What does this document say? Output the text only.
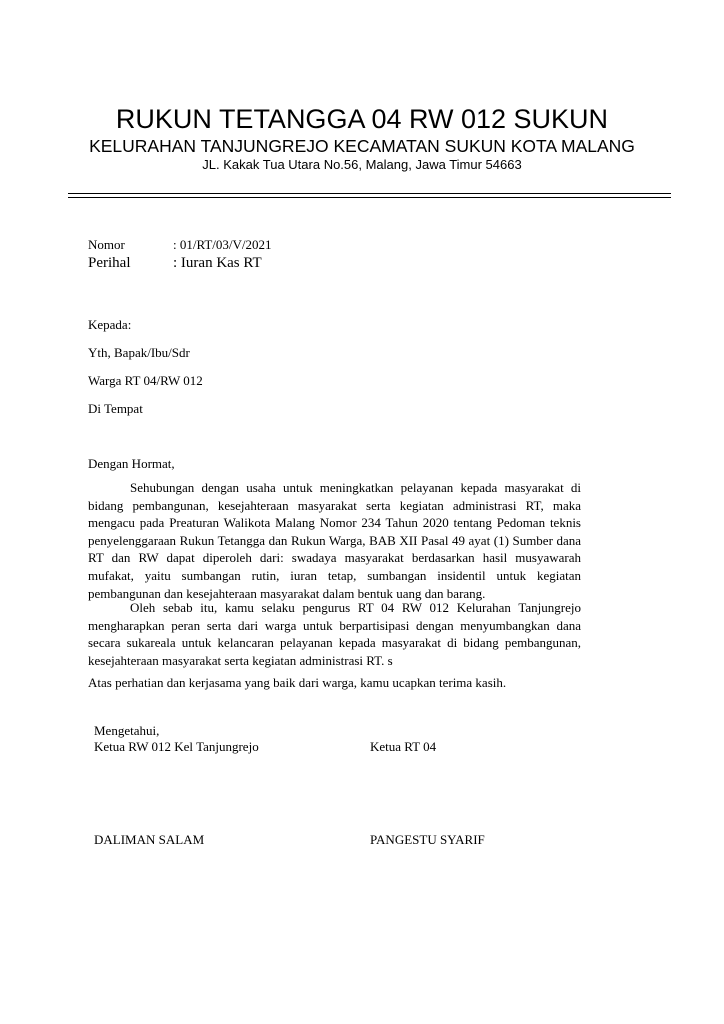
RUKUN TETANGGA 04 RW 012 SUKUN
KELURAHAN TANJUNGREJO KECAMATAN SUKUN KOTA MALANG
JL. Kakak Tua Utara No.56, Malang, Jawa Timur 54663
Nomor	: 01/RT/03/V/2021
Perihal	: Iuran Kas RT
Kepada:
Yth, Bapak/Ibu/Sdr
Warga RT 04/RW 012
Di Tempat
Dengan Hormat,

Sehubungan dengan usaha untuk meningkatkan pelayanan kepada masyarakat di bidang pembangunan, kesejahteraan masyarakat serta kegiatan administrasi RT, maka mengacu pada Preaturan Walikota Malang Nomor 234 Tahun 2020 tentang Pedoman teknis penyelenggaraan Rukun Tetangga dan Rukun Warga, BAB XII Pasal 49 ayat (1) Sumber dana RT dan RW dapat diperoleh dari: swadaya masyarakat berdasarkan hasil musyawarah mufakat, yaitu sumbangan rutin, iuran tetap, sumbangan insidentil untuk kegiatan pembangunan dan kesejahteraan masyarakat dalam bentuk uang dan barang.

Oleh sebab itu, kamu selaku pengurus RT 04 RW 012 Kelurahan Tanjungrejo mengharapkan peran serta dari warga untuk berpartisipasi dengan menyumbangkan dana secara sukareala untuk kelancaran pelayanan kepada masyarakat di bidang pembangunan, kesejahteraan masyarakat serta kegiatan administrasi RT. s

Atas perhatian dan kerjasama yang baik dari warga, kamu ucapkan terima kasih.
Mengetahui,
Ketua RW 012 Kel Tanjungrejo	Ketua RT 04
DALIMAN SALAM	PANGESTU SYARIF
